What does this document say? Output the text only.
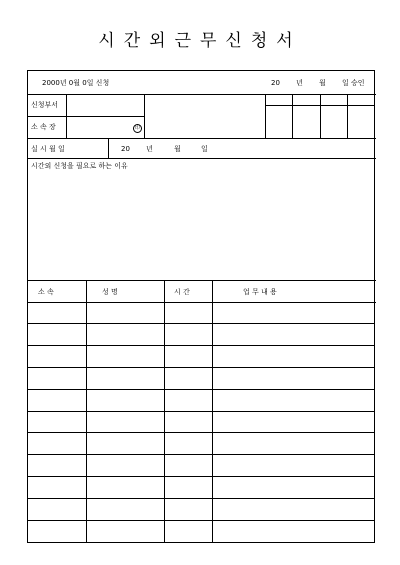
시간외근무신청서
2000년 0월 0일 신청	20 년 월 일 승인
신청부서
소 속 장	印
실 시 월 일	20 년	월	일
시간외 신청을 필요로 하는 이유
소 속	성 명	시 간	업 무 내 용
